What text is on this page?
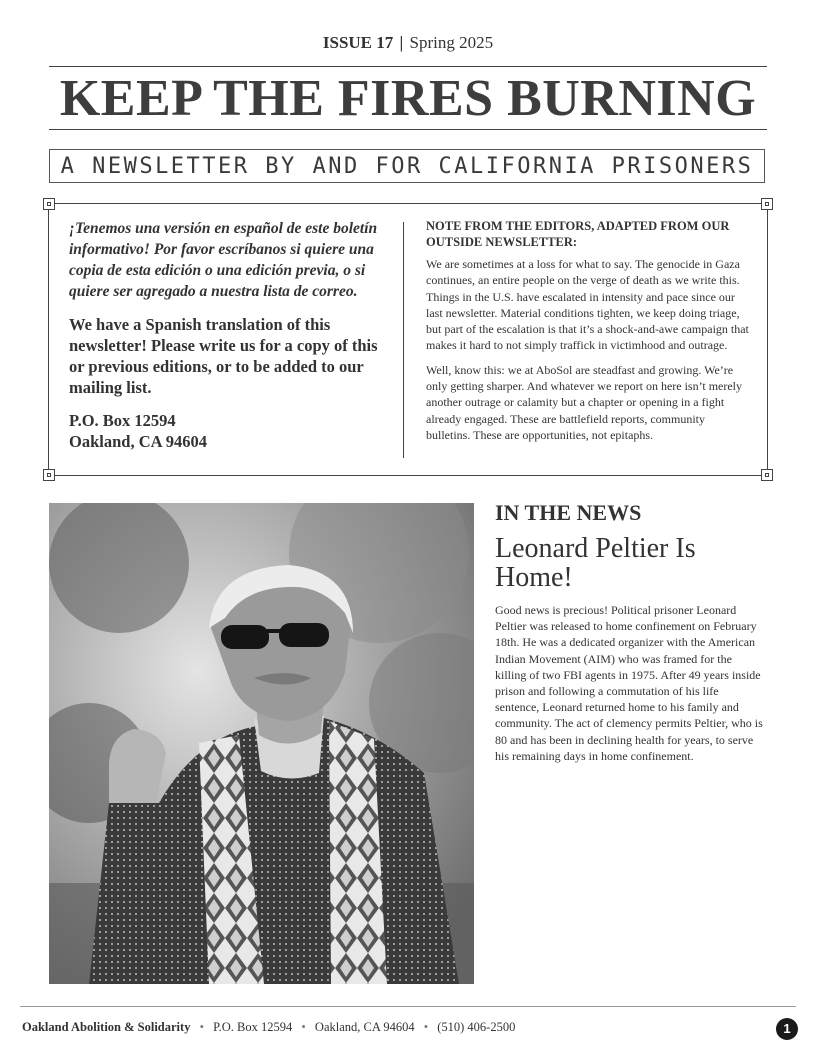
ISSUE 17 | Spring 2025
KEEP THE FIRES BURNING
A NEWSLETTER BY AND FOR CALIFORNIA PRISONERS

¡Tenemos una versión en español de este boletín informativo! Por favor escríbanos si quiere una copia de esta edición o una edición previa, o si quiere ser agregado a nuestra lista de correo.

We have a Spanish translation of this newsletter! Please write us for a copy of this or previous editions, or to be added to our mailing list.

P.O. Box 12594
Oakland, CA 94604

NOTE FROM THE EDITORS, ADAPTED FROM OUR OUTSIDE NEWSLETTER:

We are sometimes at a loss for what to say. The genocide in Gaza continues, an entire people on the verge of death as we write this. Things in the U.S. have escalated in intensity and pace since our last newsletter. Material conditions tighten, we keep doing triage, but part of the escalation is that it’s a shock-and-awe campaign that makes it hard to not simply traffick in victimhood and outrage.

Well, know this: we at AboSol are steadfast and growing. We’re only getting sharper. And whatever we report on here isn’t merely another outrage or calamity but a chapter or opening in a fight already engaged. These are battlefield reports, community bulletins. These are opportunities, not epitaphs.

IN THE NEWS

Leonard Peltier Is Home!

Good news is precious! Political prisoner Leonard Peltier was released to home confinement on February 18th. He was a dedicated organizer with the American Indian Movement (AIM) who was framed for the killing of two FBI agents in 1975. After 49 years inside prison and following a commutation of his life sentence, Leonard returned home to his family and community. The act of clemency permits Peltier, who is 80 and has been in declining health for years, to serve his remaining days in home confinement.

Oakland Abolition & Solidarity • P.O. Box 12594 • Oakland, CA 94604 • (510) 406-2500	1
